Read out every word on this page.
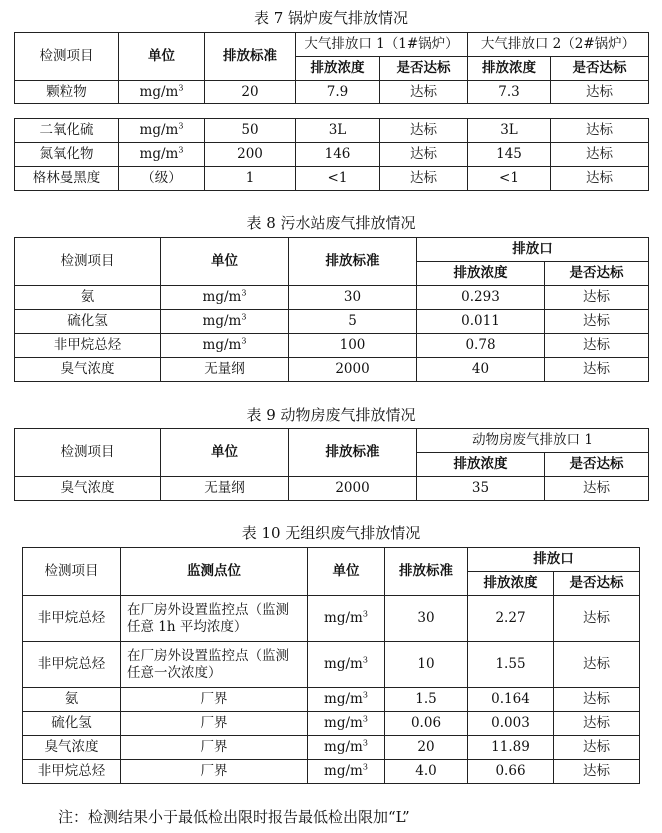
表 7 锅炉废气排放情况
检测项目	单位	排放标准	大气排放口 1（1#锅炉）		大气排放口 2（2#锅炉）	
			排放浓度	是否达标	排放浓度	是否达标
颗粒物	$mg/m^3$	20	7.9	达标	7.3	达标
二氧化硫	$mg/m^3$	50	3L	达标	3L	达标
氮氧化物	$mg/m^3$	200	146	达标	145	达标
格林曼黑度	（级）	1	<1	达标	<1	达标
表 8 污水站废气排放情况
检测项目	单位	排放标准	排放口	
			排放浓度	是否达标
氨	$mg/m^3$	30	0.293	达标
硫化氢	$mg/m^3$	5	0.011	达标
非甲烷总烃	$mg/m^3$	100	0.78	达标
臭气浓度	无量纲	2000	40	达标
表 9 动物房废气排放情况
检测项目	单位	排放标准	动物房废气排放口 1	
			排放浓度	是否达标
臭气浓度	无量纲	2000	35	达标
表 10 无组织废气排放情况
检测项目	监测点位	单位	排放标准	排放口	
				排放浓度	是否达标
非甲烷总烃	在厂房外设置监控点（监测任意 1h 平均浓度）	$mg/m^3$	30	2.27	达标
非甲烷总烃	在厂房外设置监控点（监测任意一次浓度）	$mg/m^3$	10	1.55	达标
氨	厂界	$mg/m^3$	1.5	0.164	达标
硫化氢	厂界	$mg/m^3$	0.06	0.003	达标
臭气浓度	厂界	$mg/m^3$	20	11.89	达标
非甲烷总烃	厂界	$mg/m^3$	4.0	0.66	达标
注：检测结果小于最低检出限时报告最低检出限加“L”
